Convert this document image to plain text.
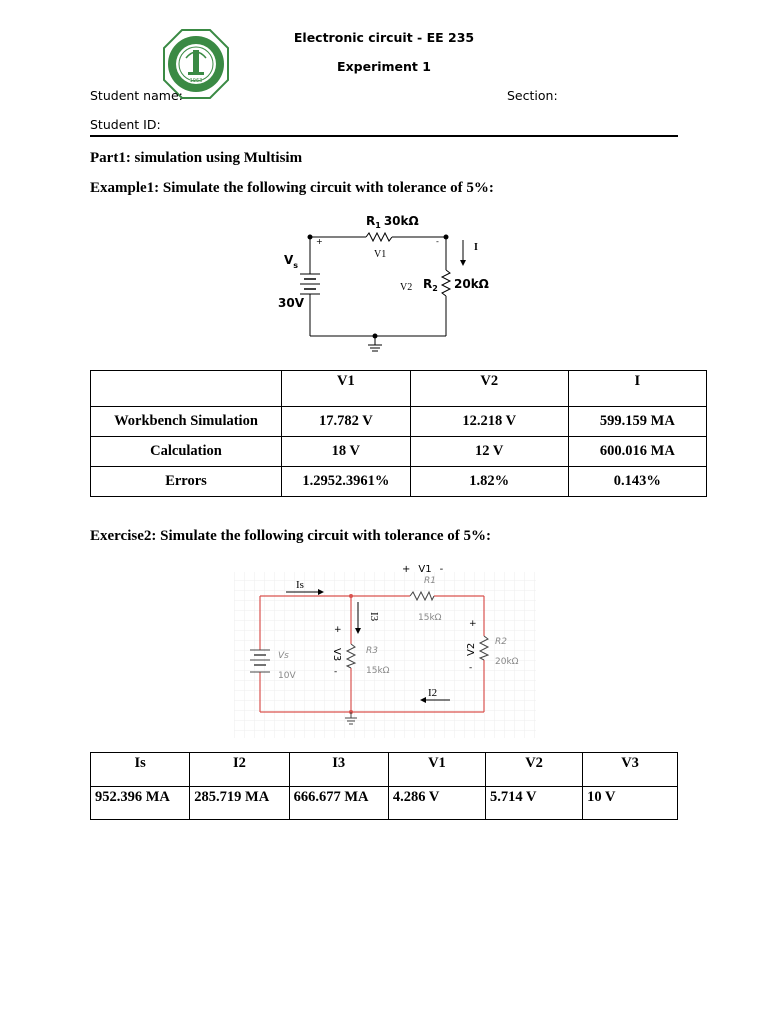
Electronic circuit - EE 235
Experiment 1
1963
Student name:	Section:
Student ID:
Part1: simulation using Multisim
Example1: Simulate the following circuit with tolerance of 5%:
$R_1$ 30kΩ
+	-
V1
I
$V_s$
30V
V2 $R_2$ 20kΩ
	V1	V2	I
Workbench Simulation	17.782 V	12.218 V	599.159 MA
Calculation	18 V	12 V	600.016 MA
Errors	1.2952.3961%	1.82%	0.143%
Exercise2: Simulate the following circuit with tolerance of 5%:
+ V1 -
R1
15kΩ
Is
I3
I2
Vs
10V
+
V3
-
R3
15kΩ
+
V2
-
R2
20kΩ
Is	I2	I3	V1	V2	V3
952.396 MA	285.719 MA	666.677 MA	4.286 V	5.714 V	10 V
